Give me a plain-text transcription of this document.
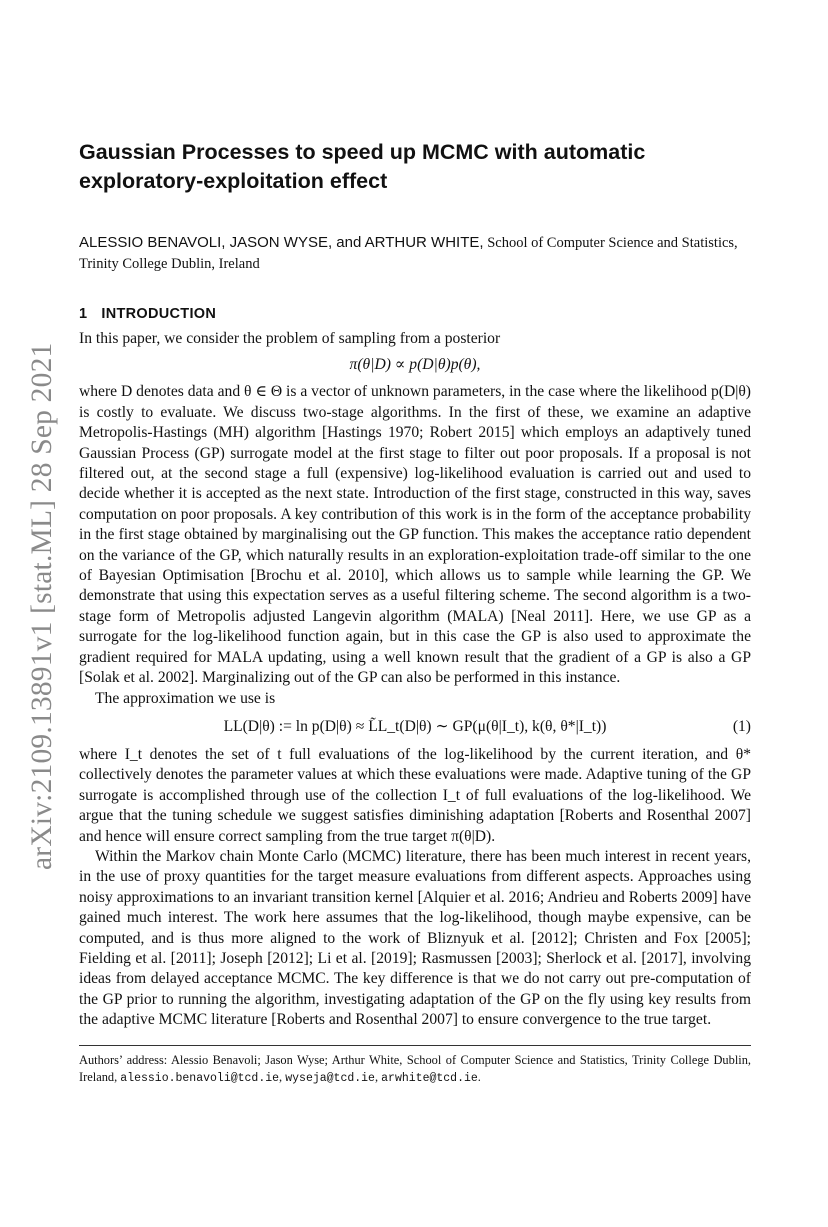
arXiv:2109.13891v1 [stat.ML] 28 Sep 2021
Gaussian Processes to speed up MCMC with automatic exploratory-exploitation effect
ALESSIO BENAVOLI, JASON WYSE, and ARTHUR WHITE, School of Computer Science and Statistics, Trinity College Dublin, Ireland
1 INTRODUCTION

In this paper, we consider the problem of sampling from a posterior

π(θ|D) ∝ p(D|θ)p(θ),

where D denotes data and θ ∈ Θ is a vector of unknown parameters, in the case where the likelihood p(D|θ) is costly to evaluate. We discuss two-stage algorithms. In the first of these, we examine an adaptive Metropolis-Hastings (MH) algorithm [Hastings 1970; Robert 2015] which employs an adaptively tuned Gaussian Process (GP) surrogate model at the first stage to filter out poor proposals. If a proposal is not filtered out, at the second stage a full (expensive) log-likelihood evaluation is carried out and used to decide whether it is accepted as the next state. Introduction of the first stage, constructed in this way, saves computation on poor proposals. A key contribution of this work is in the form of the acceptance probability in the first stage obtained by marginalising out the GP function. This makes the acceptance ratio dependent on the variance of the GP, which naturally results in an exploration-exploitation trade-off similar to the one of Bayesian Optimisation [Brochu et al. 2010], which allows us to sample while learning the GP. We demonstrate that using this expectation serves as a useful filtering scheme. The second algorithm is a two-stage form of Metropolis adjusted Langevin algorithm (MALA) [Neal 2011]. Here, we use GP as a surrogate for the log-likelihood function again, but in this case the GP is also used to approximate the gradient required for MALA updating, using a well known result that the gradient of a GP is also a GP [Solak et al. 2002]. Marginalizing out of the GP can also be performed in this instance.

The approximation we use is

LL(D|θ) := ln p(D|θ) ≈ L̃L_t(D|θ) ∼ GP(μ(θ|I_t), k(θ, θ*|I_t))	(1)

where I_t denotes the set of t full evaluations of the log-likelihood by the current iteration, and θ* collectively denotes the parameter values at which these evaluations were made. Adaptive tuning of the GP surrogate is accomplished through use of the collection I_t of full evaluations of the log-likelihood. We argue that the tuning schedule we suggest satisfies diminishing adaptation [Roberts and Rosenthal 2007] and hence will ensure correct sampling from the true target π(θ|D).

Within the Markov chain Monte Carlo (MCMC) literature, there has been much interest in recent years, in the use of proxy quantities for the target measure evaluations from different aspects. Approaches using noisy approximations to an invariant transition kernel [Alquier et al. 2016; Andrieu and Roberts 2009] have gained much interest. The work here assumes that the log-likelihood, though maybe expensive, can be computed, and is thus more aligned to the work of Bliznyuk et al. [2012]; Christen and Fox [2005]; Fielding et al. [2011]; Joseph [2012]; Li et al. [2019]; Rasmussen [2003]; Sherlock et al. [2017], involving ideas from delayed acceptance MCMC. The key difference is that we do not carry out pre-computation of the GP prior to running the algorithm, investigating adaptation of the GP on the fly using key results from the adaptive MCMC literature [Roberts and Rosenthal 2007] to ensure convergence to the true target.

Authors’ address: Alessio Benavoli; Jason Wyse; Arthur White, School of Computer Science and Statistics, Trinity College Dublin, Ireland, alessio.benavoli@tcd.ie, wyseja@tcd.ie, arwhite@tcd.ie.
